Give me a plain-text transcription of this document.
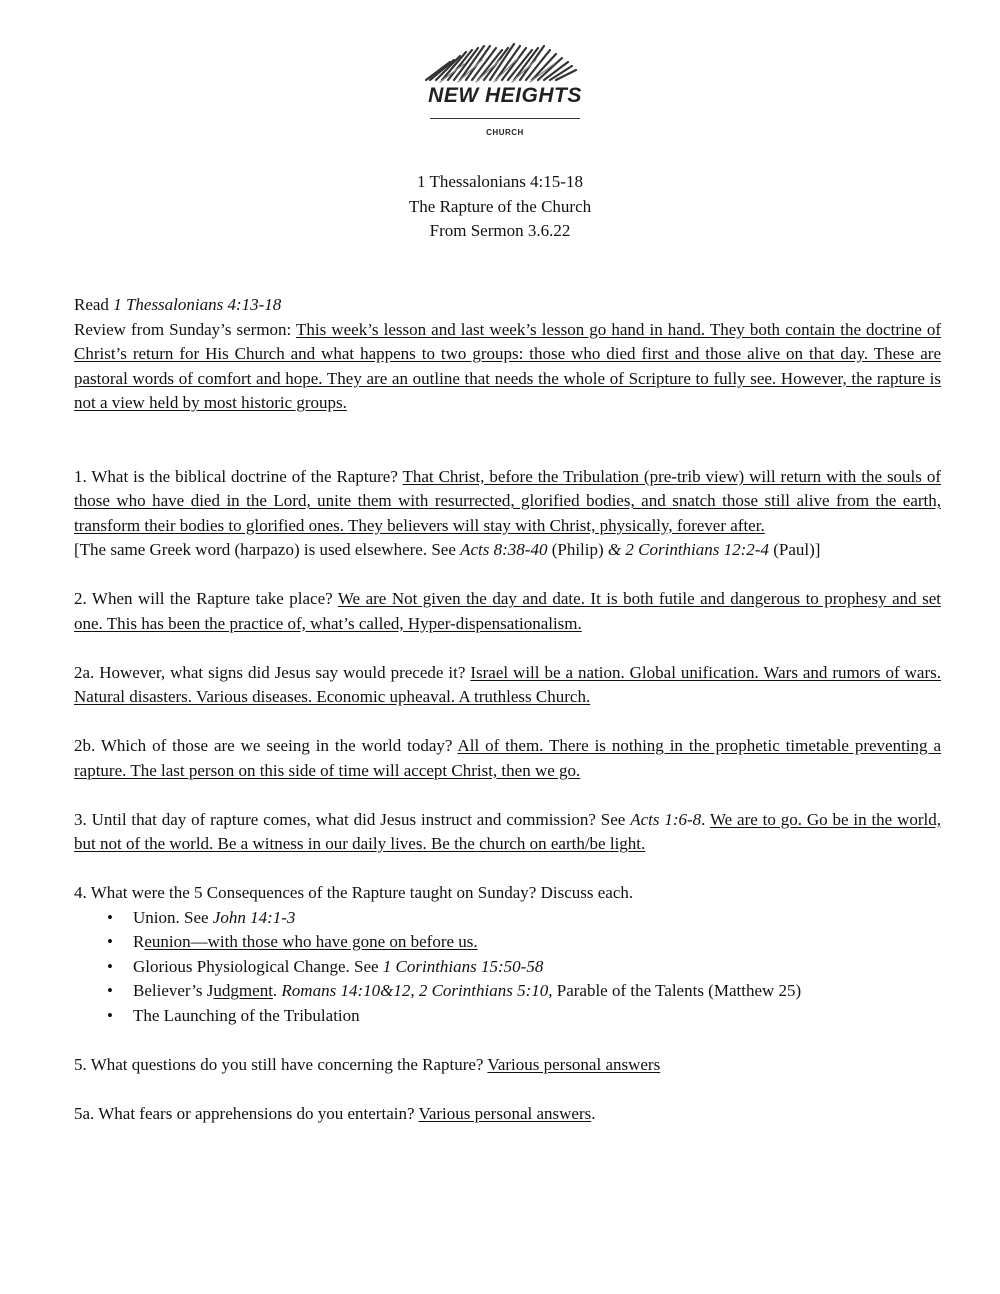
NEW HEIGHTS
CHURCH
1 Thessalonians 4:15-18
The Rapture of the Church
From Sermon 3.6.22
Read 1 Thessalonians 4:13-18
Review from Sunday’s sermon: This week’s lesson and last week’s lesson go hand in hand. They both contain the doctrine of Christ’s return for His Church and what happens to two groups: those who died first and those alive on that day. These are pastoral words of comfort and hope. They are an outline that needs the whole of Scripture to fully see. However, the rapture is not a view held by most historic groups.
1. What is the biblical doctrine of the Rapture? That Christ, before the Tribulation (pre-trib view) will return with the souls of those who have died in the Lord, unite them with resurrected, glorified bodies, and snatch those still alive from the earth, transform their bodies to glorified ones. They believers will stay with Christ, physically, forever after.
[The same Greek word (harpazo) is used elsewhere. See Acts 8:38-40 (Philip) & 2 Corinthians 12:2-4 (Paul)]
2. When will the Rapture take place? We are Not given the day and date. It is both futile and dangerous to prophesy and set one. This has been the practice of, what’s called, Hyper-dispensationalism.
2a. However, what signs did Jesus say would precede it? Israel will be a nation. Global unification. Wars and rumors of wars. Natural disasters. Various diseases. Economic upheaval. A truthless Church.
2b. Which of those are we seeing in the world today? All of them. There is nothing in the prophetic timetable preventing a rapture. The last person on this side of time will accept Christ, then we go.
3. Until that day of rapture comes, what did Jesus instruct and commission? See Acts 1:6-8. We are to go. Go be in the world, but not of the world. Be a witness in our daily lives. Be the church on earth/be light.
4. What were the 5 Consequences of the Rapture taught on Sunday? Discuss each.
• Union. See John 14:1-3
• Reunion—with those who have gone on before us.
• Glorious Physiological Change. See 1 Corinthians 15:50-58
• Believer’s Judgment. Romans 14:10&12, 2 Corinthians 5:10, Parable of the Talents (Matthew 25)
• The Launching of the Tribulation
5. What questions do you still have concerning the Rapture? Various personal answers
5a. What fears or apprehensions do you entertain? Various personal answers.
